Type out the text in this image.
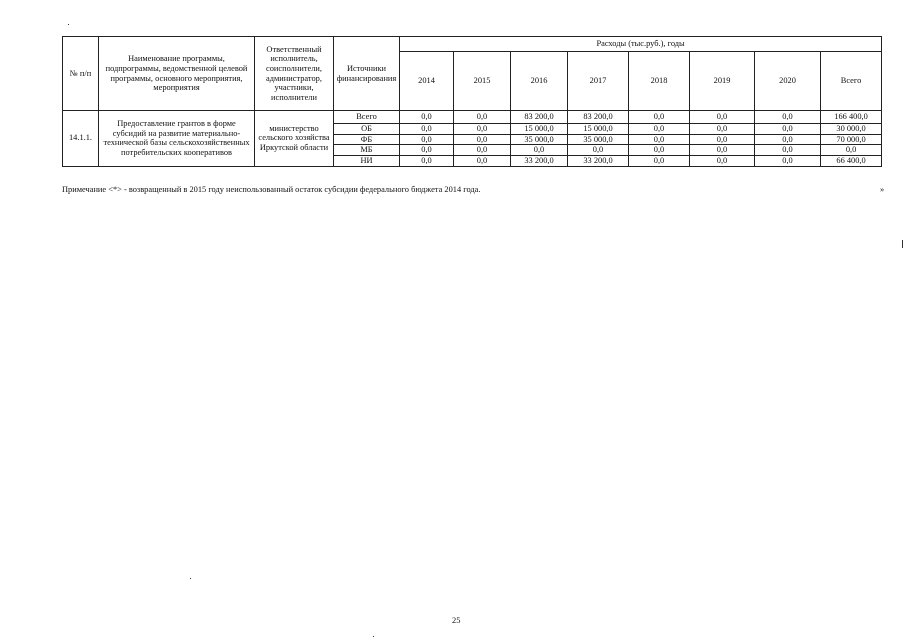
№ п/п	Наименование программы, подпрограммы, ведомственной целевой программы, основного мероприятия, мероприятия	Ответственный исполнитель, соисполнители, администратор, участники, исполнители	Источники финансирования	Расходы (тыс.руб.), годы							
				2014	2015	2016	2017	2018	2019	2020	Всего
14.1.1.	Предоставление грантов в форме субсидий на развитие материально-технической базы сельскохозяйственных потребительских кооперативов	министерство сельского хозяйства Иркутской области	Всего	0,0	0,0	83 200,0	83 200,0	0,0	0,0	0,0	166 400,0
			ОБ	0,0	0,0	15 000,0	15 000,0	0,0	0,0	0,0	30 000,0
			ФБ	0,0	0,0	35 000,0	35 000,0	0,0	0,0	0,0	70 000,0
			МБ	0,0	0,0	0,0	0,0	0,0	0,0	0,0	0,0
			НИ	0,0	0,0	33 200,0	33 200,0	0,0	0,0	0,0	66 400,0
Примечание <*> - возвращенный в 2015 году неиспользованный остаток субсидии федерального бюджета 2014 года.	»
25
